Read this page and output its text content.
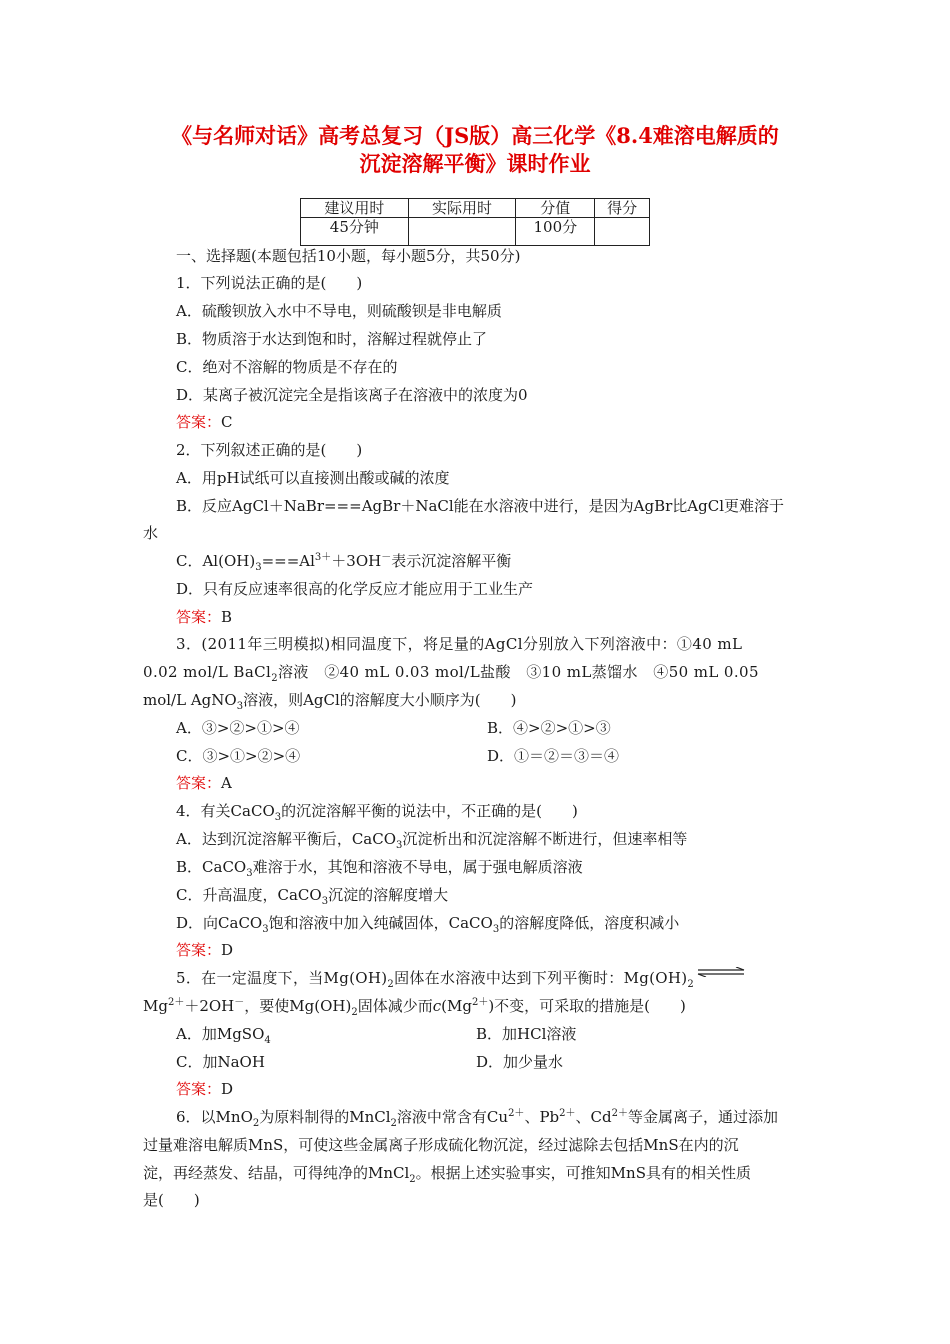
《与名师对话》高考总复习（JS版）高三化学《8.4难溶电解质的
沉淀溶解平衡》课时作业
建议用时	实际用时	分值	得分
45分钟		100分	
一、选择题(本题包括10小题，每小题5分，共50分)
1．下列说法正确的是(　　)
A．硫酸钡放入水中不导电，则硫酸钡是非电解质
B．物质溶于水达到饱和时，溶解过程就停止了
C．绝对不溶解的物质是不存在的
D．某离子被沉淀完全是指该离子在溶液中的浓度为0
答案：C
2．下列叙述正确的是(　　)
A．用pH试纸可以直接测出酸或碱的浓度
B．反应AgCl＋NaBr===AgBr＋NaCl能在水溶液中进行，是因为AgBr比AgCl更难溶于
水
C．$Al(OH)_3===Al^{3+}+3OH^-$表示沉淀溶解平衡
D．只有反应速率很高的化学反应才能应用于工业生产
答案：B
3．(2011年三明模拟)相同温度下，将足量的AgCl分别放入下列溶液中：①40 mL
0.02 mol/L BaCl$_2$溶液　②40 mL 0.03 mol/L盐酸　③10 mL蒸馏水　④50 mL 0.05
mol/L AgNO$_3$溶液，则AgCl的溶解度大小顺序为(　　)
A．③>②>①>④	B．④>②>①>③
C．③>①>②>④	D．①＝②＝③＝④
答案：A
4．有关CaCO$_3$的沉淀溶解平衡的说法中，不正确的是(　　)
A．达到沉淀溶解平衡后，CaCO$_3$沉淀析出和沉淀溶解不断进行，但速率相等
B．CaCO$_3$难溶于水，其饱和溶液不导电，属于强电解质溶液
C．升高温度，CaCO$_3$沉淀的溶解度增大
D．向CaCO$_3$饱和溶液中加入纯碱固体，CaCO$_3$的溶解度降低，溶度积减小
答案：D
5．在一定温度下，当$Mg(OH)_2$固体在水溶液中达到下列平衡时：$Mg(OH)_2$
$Mg^{2+}+2OH^-$，要使$Mg(OH)_2$固体减少而$c(Mg^{2+})$不变，可采取的措施是(　　)
A．加MgSO$_4$	B．加HCl溶液
C．加NaOH	D．加少量水
答案：D
6．以MnO$_2$为原料制得的MnCl$_2$溶液中常含有$Cu^{2+}$、$Pb^{2+}$、$Cd^{2+}$等金属离子，通过添加
过量难溶电解质MnS，可使这些金属离子形成硫化物沉淀，经过滤除去包括MnS在内的沉
淀，再经蒸发、结晶，可得纯净的MnCl$_2$。根据上述实验事实，可推知MnS具有的相关性质
是(　　)
